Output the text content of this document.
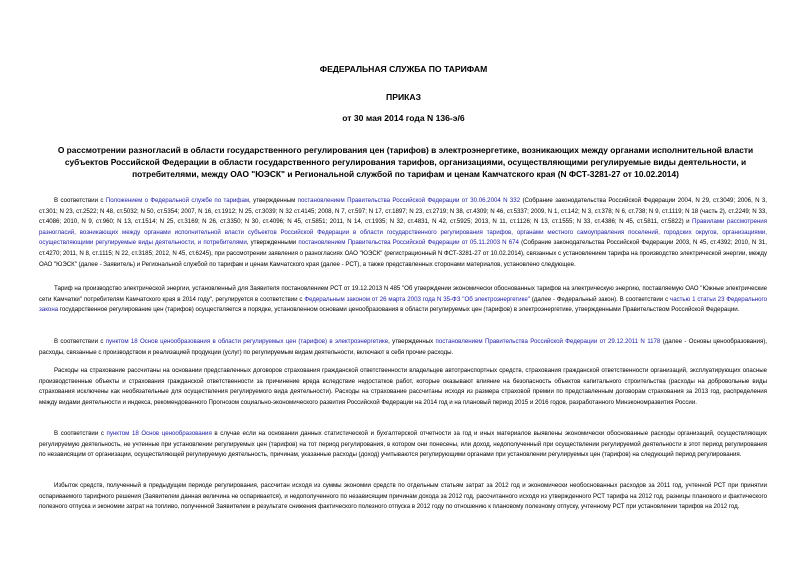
ФЕДЕРАЛЬНАЯ СЛУЖБА ПО ТАРИФАМ
ПРИКАЗ
от 30 мая 2014 года N 136-э/6
О рассмотрении разногласий в области государственного регулирования цен (тарифов) в электроэнергетике, возникающих между органами исполнительной власти субъектов Российской Федерации в области государственного регулирования тарифов, организациями, осуществляющими регулируемые виды деятельности, и потребителями, между ОАО "ЮЭСК" и Региональной службой по тарифам и ценам Камчатского края (N ФСТ-3281-27 от 10.02.2014)
В соответствии с Положением о Федеральной службе по тарифам, утвержденным постановлением Правительства Российской Федерации от 30.06.2004 N 332 (Собрание законодательства Российской Федерации 2004, N 29, ст.3049; 2006, N 3, ст.301; N 23, ст.2522; N 48, ст.5032; N 50, ст.5354; 2007, N 16, ст.1912; N 25, ст.3039; N 32 ст.4145; 2008, N 7, ст.597; N 17, ст.1897; N 23, ст.2719; N 38, ст.4309; N 46, ст.5337; 2009, N 1, ст.142; N 3, ст.378; N 6, ст.738; N 9, ст.1119; N 18 (часть 2), ст.2249; N 33, ст.4086; 2010, N 9, ст.960; N 13, ст.1514; N 25, ст.3169; N 26, ст.3350; N 30, ст.4096; N 45, ст.5851; 2011, N 14, ст.1935; N 32, ст.4831, N 42, ст.5925; 2013, N 11, ст.1126; N 13, ст.1555; N 33, ст.4386; N 45, ст.5811, ст.5822) и Правилами рассмотрения разногласий, возникающих между органами исполнительной власти субъектов Российской Федерации в области государственного регулирования тарифов, органами местного самоуправления поселений, городских округов, организациями, осуществляющими регулируемые виды деятельности, и потребителями, утвержденными постановлением Правительства Российской Федерации от 05.11.2003 N 674 (Собрание законодательства Российской Федерации 2003, N 45, ст.4392; 2010, N 31, ст.4270; 2011, N 8, ст.1115; N 22, ст.3185; 2012, N 45, ст.6245), при рассмотрении заявления о разногласиях ОАО "ЮЭСК" (регистрационный N ФСТ-3281-27 от 10.02.2014), связанных с установлением тарифа на производство электрической энергии, между ОАО "ЮЭСК" (далее - Заявитель) и Региональной службой по тарифам и ценам Камчатского края (далее - РСТ), а также представленных сторонами материалов, установлено следующее.
Тариф на производство электрической энергии, установленный для Заявителя постановлением РСТ от 19.12.2013 N 485 "Об утверждении экономически обоснованных тарифов на электрическую энергию, поставляемую ОАО "Южные электрические сети Камчатки" потребителям Камчатского края в 2014 году", регулируется в соответствии с Федеральным законом от 26 марта 2003 года N 35-ФЗ "Об электроэнергетике" (далее - Федеральный закон). В соответствии с частью 1 статьи 23 Федерального закона государственное регулирование цен (тарифов) осуществляется в порядке, установленном основами ценообразования в области регулируемых цен (тарифов) в электроэнергетике, утвержденными Правительством Российской Федерации.
В соответствии с пунктом 18 Основ ценообразования в области регулируемых цен (тарифов) в электроэнергетике, утвержденных постановлением Правительства Российской Федерации от 29.12.2011 N 1178 (далее - Основы ценообразования), расходы, связанные с производством и реализацией продукции (услуг) по регулируемым видам деятельности, включают в себя прочие расходы.
Расходы на страхование рассчитаны на основании представленных договоров страхования гражданской ответственности владельцев автотранспортных средств, страхования гражданской ответственности организаций, эксплуатирующих опасные производственные объекты и страхования гражданской ответственности за причинение вреда вследствие недостатков работ, которые оказывают влияние на безопасность объектов капитального строительства (расходы на добровольные виды страхования исключены как необязательные для осуществления регулируемого вида деятельности). Расходы на страхование рассчитаны исходя из размера страховой премии по представленным договорам страхования за 2013 год, распределения между видами деятельности и индекса, рекомендованного Прогнозом социально-экономического развития Российской Федерации на 2014 год и на плановый период 2015 и 2016 годов, разработанного Минэкономразвития России.
В соответствии с пунктом 18 Основ ценообразования в случае если на основании данных статистической и бухгалтерской отчетности за год и иных материалов выявлены экономически обоснованные расходы организаций, осуществляющих регулируемую деятельность, не учтенные при установлении регулируемых цен (тарифов) на тот период регулирования, в котором они понесены, или доход, недополученный при осуществлении регулируемой деятельности в этот период регулирования по независящим от организации, осуществляющей регулируемую деятельность, причинам, указанные расходы (доход) учитываются регулирующими органами при установлении регулируемых цен (тарифов) на следующий период регулирования.
Избыток средств, полученный в предыдущем периоде регулирования, рассчитан исходя из суммы экономии средств по отдельным статьям затрат за 2012 год и экономически необоснованных расходов за 2011 год, учтенной РСТ при принятии оспариваемого тарифного решения (Заявителем данная величина не оспаривается), и недополученного по независящим причинам дохода за 2012 год, рассчитанного исходя из утвержденного РСТ тарифа на 2012 год, разницы планового и фактического полезного отпуска и экономии затрат на топливо, полученной Заявителем в результате снижения фактического полезного отпуска в 2012 году по отношению к плановому полезному отпуску, учтенному РСТ при установлении тарифов на 2012 год.
